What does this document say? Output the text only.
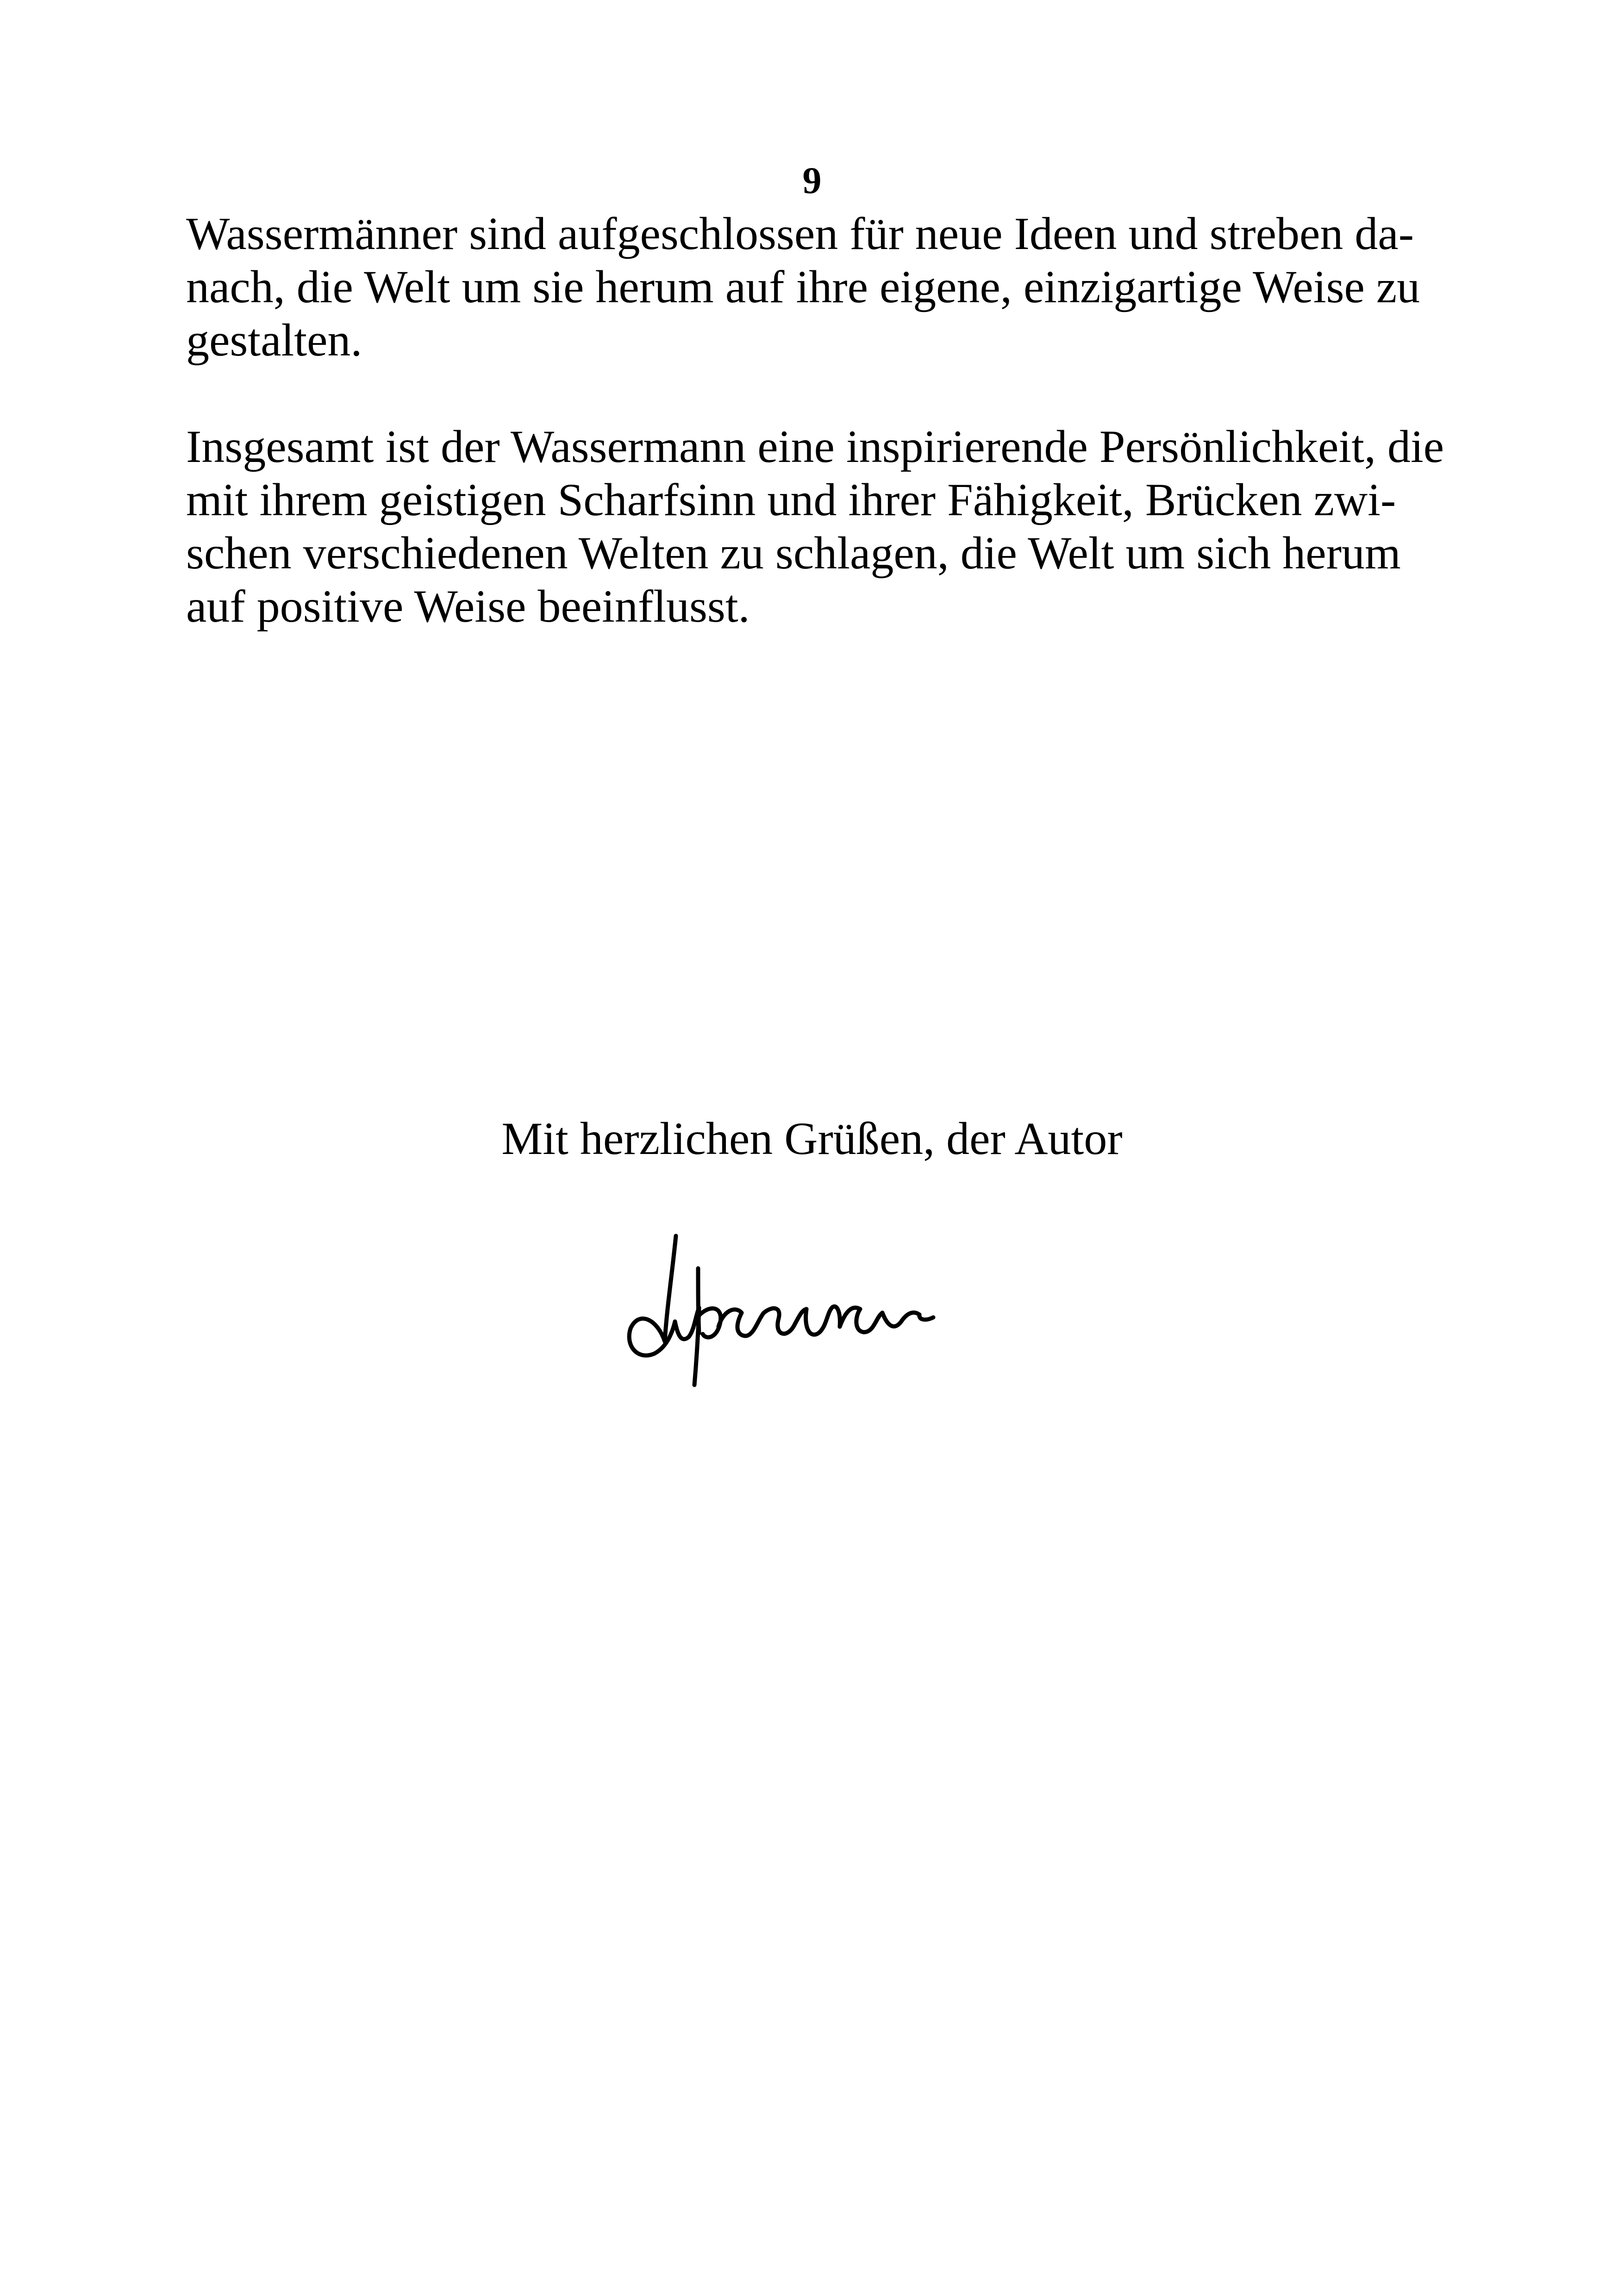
9
Wassermänner sind aufgeschlossen für neue Ideen und streben da-
nach, die Welt um sie herum auf ihre eigene, einzigartige Weise zu
gestalten.
Insgesamt ist der Wassermann eine inspirierende Persönlichkeit, die
mit ihrem geistigen Scharfsinn und ihrer Fähigkeit, Brücken zwi-
schen verschiedenen Welten zu schlagen, die Welt um sich herum
auf positive Weise beeinflusst.
Mit herzlichen Grüßen, der Autor
